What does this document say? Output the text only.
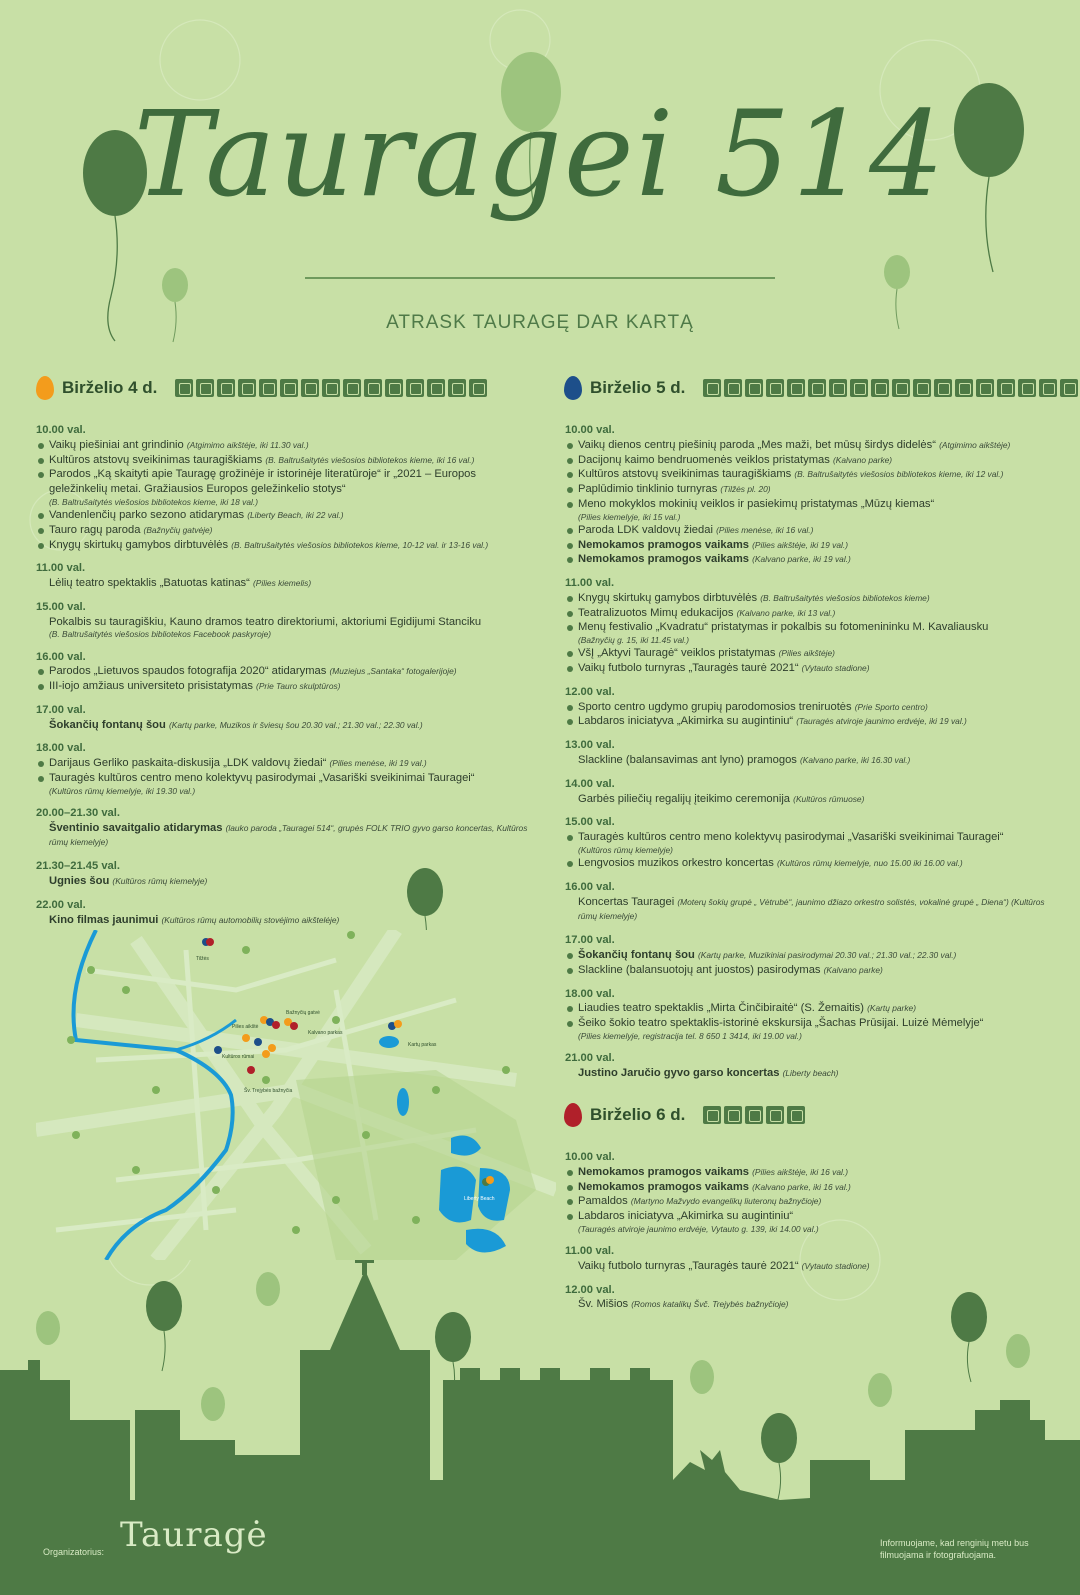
Tauragei 514
ATRASK TAURAGĘ DAR KARTĄ
Birželio 4 d.	Birželio 5 d.
Birželio 6 d.
10.00 val.
Vaikų piešiniai ant grindinio (Atgimimo aikštėje, iki 11.30 val.)
Kultūros atstovų sveikinimas tauragiškiams (B. Baltrušaitytės viešosios bibliotekos kieme, iki 16 val.)
Parodos „Ką skaityti apie Tauragę grožinėje ir istorinėje literatūroje“ ir „2021 – Europos geležinkelių metai. Gražiausios Europos geležinkelio stotys“
(B. Baltrušaitytės viešosios bibliotekos kieme, iki 18 val.)
Vandenlenčių parko sezono atidarymas (Liberty Beach, iki 22 val.)
Tauro ragų paroda (Bažnyčių gatvėje)
Knygų skirtukų gamybos dirbtuvėlės (B. Baltrušaitytės viešosios bibliotekos kieme, 10-12 val. ir 13-16 val.)
11.00 val.
Lėlių teatro spektaklis „Batuotas katinas“ (Pilies kiemelis)
15.00 val.
Pokalbis su tauragiškiu, Kauno dramos teatro direktoriumi, aktoriumi Egidijumi Stanciku
(B. Baltrušaitytės viešosios bibliotekos Facebook paskyroje)
16.00 val.
Parodos „Lietuvos spaudos fotografija 2020“ atidarymas (Muziejus „Santaka“ fotogalerijoje)
III-iojo amžiaus universiteto prisistatymas (Prie Tauro skulptūros)
17.00 val.
Šokančių fontanų šou (Kartų parke, Muzikos ir šviesų šou 20.30 val.; 21.30 val.; 22.30 val.)
18.00 val.
Darijaus Gerliko paskaita-diskusija „LDK valdovų žiedai“ (Pilies menėse, iki 19 val.)
Tauragės kultūros centro meno kolektyvų pasirodymai „Vasariški sveikinimai Tauragei“
(Kultūros rūmų kiemelyje, iki 19.30 val.)
20.00–21.30 val.
Šventinio savaitgalio atidarymas (lauko paroda „Tauragei 514“, grupės FOLK TRIO gyvo garso koncertas, Kultūros rūmų kiemelyje)
21.30–21.45 val.
Ugnies šou (Kultūros rūmų kiemelyje)
22.00 val.
Kino filmas jaunimui (Kultūros rūmų automobilių stovėjimo aikštelėje)
10.00 val.
Vaikų dienos centrų piešinių paroda „Mes maži, bet mūsų širdys didelės“ (Atgimimo aikštėje)
Dacijonų kaimo bendruomenės veiklos pristatymas (Kalvano parke)
Kultūros atstovų sveikinimas tauragiškiams (B. Baltrušaitytės viešosios bibliotekos kieme, iki 12 val.)
Paplūdimio tinklinio turnyras (Tilžės pl. 20)
Meno mokyklos mokinių veiklos ir pasiekimų pristatymas „Mūzų kiemas“
(Pilies kiemelyje, iki 15 val.)
Paroda LDK valdovų žiedai (Pilies menėse, iki 16 val.)
Nemokamos pramogos vaikams (Pilies aikštėje, iki 19 val.)
Nemokamos pramogos vaikams (Kalvano parke, iki 19 val.)
11.00 val.
Knygų skirtukų gamybos dirbtuvėlės (B. Baltrušaitytės viešosios bibliotekos kieme)
Teatralizuotos Mimų edukacijos (Kalvano parke, iki 13 val.)
Menų festivalio „Kvadratu“ pristatymas ir pokalbis su fotomenininku M. Kavaliausku
(Bažnyčių g. 15, iki 11.45 val.)
VšĮ „Aktyvi Tauragė“ veiklos pristatymas (Pilies aikštėje)
Vaikų futbolo turnyras „Tauragės taurė 2021“ (Vytauto stadione)
12.00 val.
Sporto centro ugdymo grupių parodomosios treniruotės (Prie Sporto centro)
Labdaros iniciatyva „Akimirka su augintiniu“ (Tauragės atviroje jaunimo erdvėje, iki 19 val.)
13.00 val.
Slackline (balansavimas ant lyno) pramogos (Kalvano parke, iki 16.30 val.)
14.00 val.
Garbės piliečių regalijų įteikimo ceremonija (Kultūros rūmuose)
15.00 val.
Tauragės kultūros centro meno kolektyvų pasirodymai „Vasariški sveikinimai Tauragei“
(Kultūros rūmų kiemelyje)
Lengvosios muzikos orkestro koncertas (Kultūros rūmų kiemelyje, nuo 15.00 iki 16.00 val.)
16.00 val.
Koncertas Tauragei (Moterų šokių grupė „ Vėtrubė“, jaunimo džiazo orkestro solistės, vokalinė grupė „ Diena“) (Kultūros rūmų kiemelyje)
17.00 val.
Šokančių fontanų šou (Kartų parke, Muzikiniai pasirodymai 20.30 val.; 21.30 val.; 22.30 val.)
Slackline (balansuotojų ant juostos) pasirodymas (Kalvano parke)
18.00 val.
Liaudies teatro spektaklis „Mirta Činčibiraitė“ (S. Žemaitis) (Kartų parke)
Šeiko šokio teatro spektaklis-istorinė ekskursija „Šachas Prūsijai. Luizė Mėmelyje“
(Pilies kiemelyje, registracija tel. 8 650 1 3414, iki 19.00 val.)
21.00 val.
Justino Jaručio gyvo garso koncertas (Liberty beach)
10.00 val.
Nemokamos pramogos vaikams (Pilies aikštėje, iki 16 val.)
Nemokamos pramogos vaikams (Kalvano parke, iki 16 val.)
Pamaldos (Martyno Mažvydo evangelikų liuteronų bažnyčioje)
Labdaros iniciatyva „Akimirka su augintiniu“
(Tauragės atviroje jaunimo erdvėje, Vytauto g. 139, iki 14.00 val.)
11.00 val.
Vaikų futbolo turnyras „Tauragės taurė 2021“ (Vytauto stadione)
12.00 val.
Šv. Mišios (Romos katalikų Švč. Trejybės bažnyčioje)
Tilžės
Pilies aikštė
Bažnyčių gatvė
Kalvano parkas
Kartų parkas
Kultūros rūmai
Šv. Trejybės bažnyčia
Liberty Beach
Organizatorius: Tauragė	Informuojame, kad renginių metu bus filmuojama ir fotografuojama.
